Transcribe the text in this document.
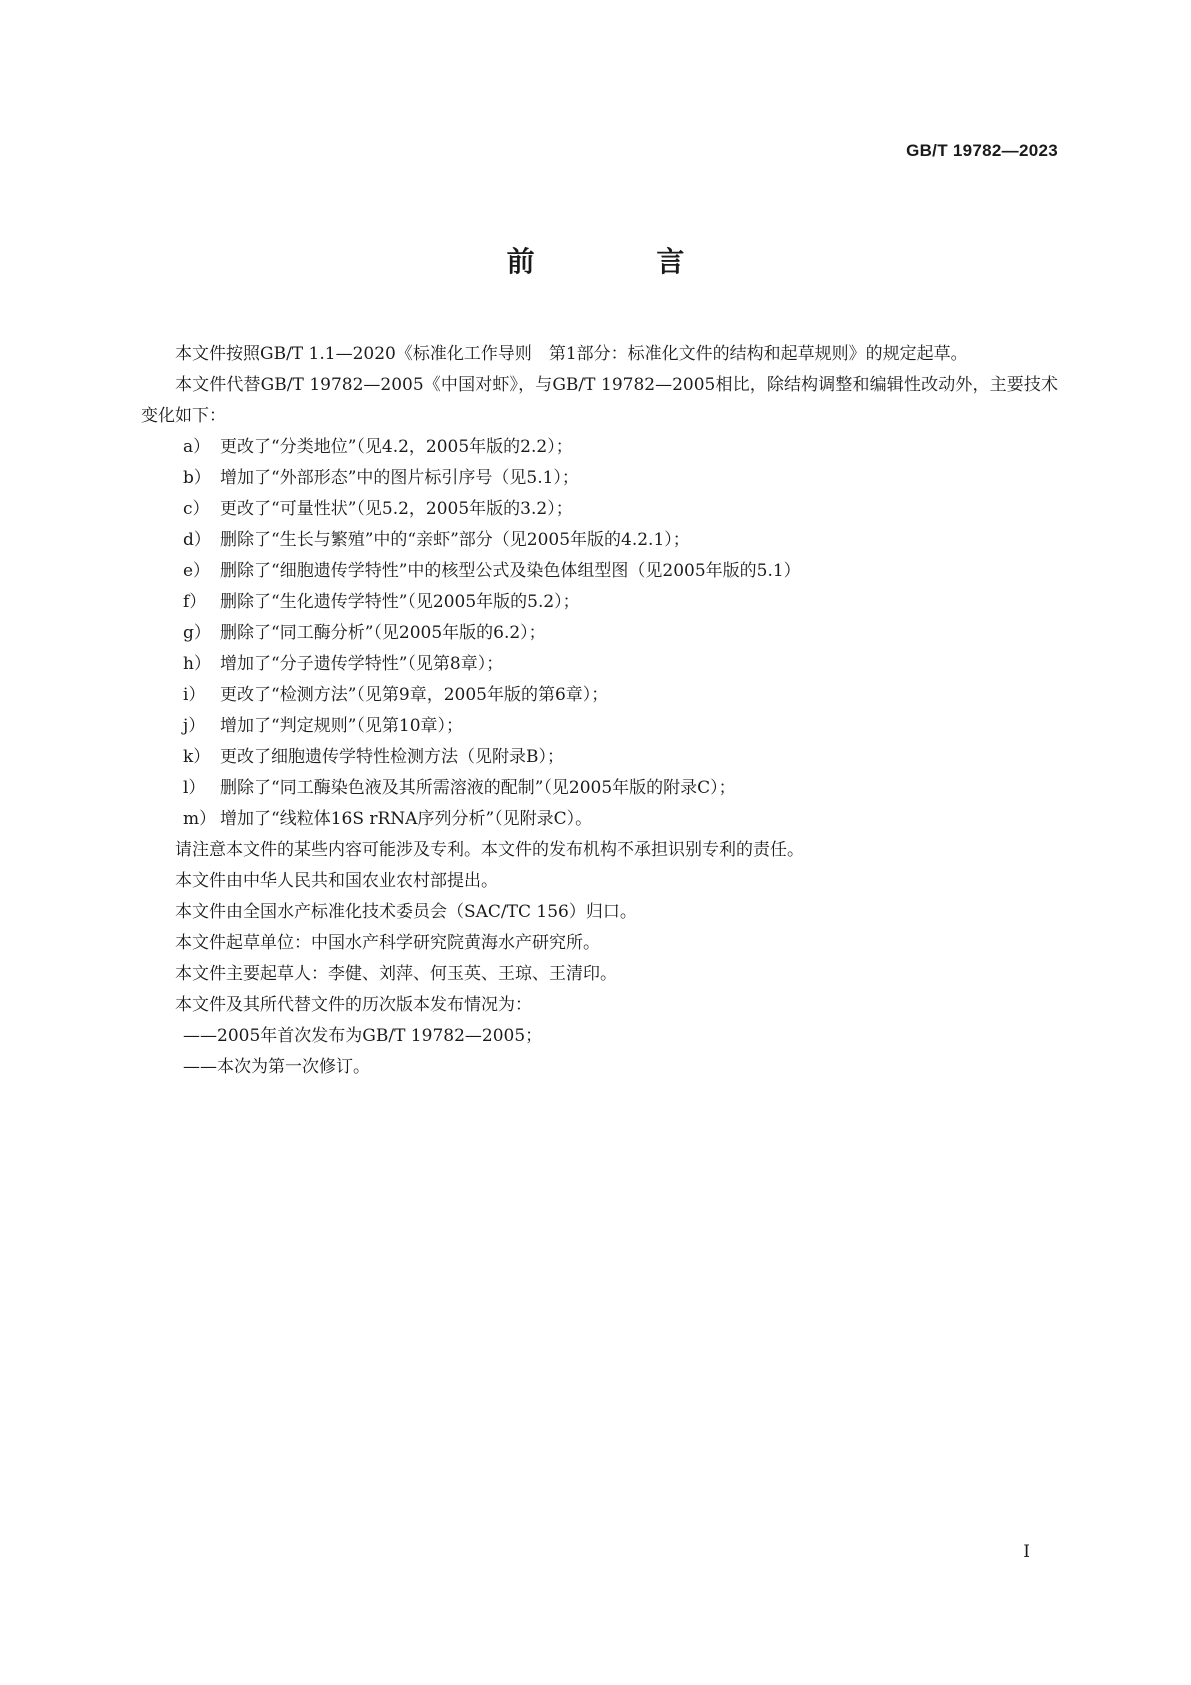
GB/T 19782—2023
前 言

本文件按照GB/T 1.1—2020《标准化工作导则　第1部分：标准化文件的结构和起草规则》的规定起草。

本文件代替GB/T 19782—2005《中国对虾》，与GB/T 19782—2005相比，除结构调整和编辑性改动外，主要技术变化如下：

a） 更改了“分类地位”（见4.2，2005年版的2.2）；

b） 增加了“外部形态”中的图片标引序号（见5.1）；

c） 更改了“可量性状”（见5.2，2005年版的3.2）；

d） 删除了“生长与繁殖”中的“亲虾”部分（见2005年版的4.2.1）；

e） 删除了“细胞遗传学特性”中的核型公式及染色体组型图（见2005年版的5.1）

f） 删除了“生化遗传学特性”（见2005年版的5.2）；

g） 删除了“同工酶分析”（见2005年版的6.2）；

h） 增加了“分子遗传学特性”（见第8章）；

i） 更改了“检测方法”（见第9章，2005年版的第6章）；

j） 增加了“判定规则”（见第10章）；

k） 更改了细胞遗传学特性检测方法（见附录B）；

l） 删除了“同工酶染色液及其所需溶液的配制”（见2005年版的附录C）；

m） 增加了“线粒体16S rRNA序列分析”（见附录C）。

请注意本文件的某些内容可能涉及专利。本文件的发布机构不承担识别专利的责任。

本文件由中华人民共和国农业农村部提出。

本文件由全国水产标准化技术委员会（SAC/TC 156）归口。

本文件起草单位：中国水产科学研究院黄海水产研究所。

本文件主要起草人：李健、刘萍、何玉英、王琼、王清印。

本文件及其所代替文件的历次版本发布情况为：

——2005年首次发布为GB/T 19782—2005；

——本次为第一次修订。

I
